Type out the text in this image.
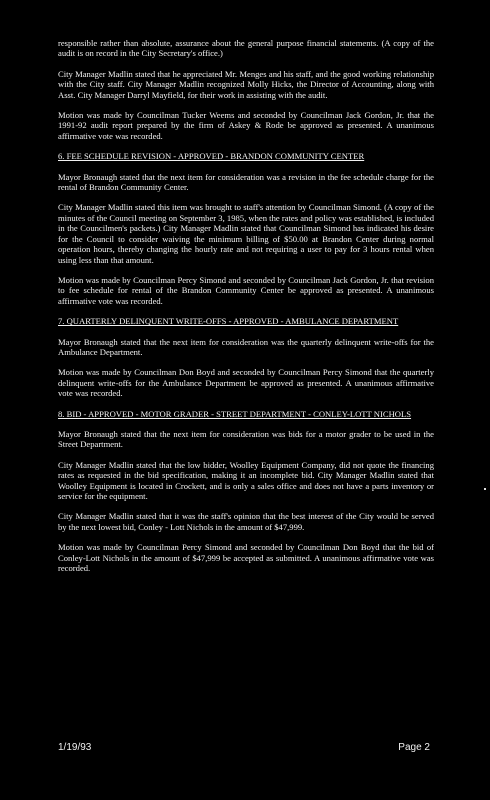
responsible rather than absolute, assurance about the general purpose financial statements. (A copy of the audit is on record in the City Secretary's office.)

City Manager Madlin stated that he appreciated Mr. Menges and his staff, and the good working relationship with the City staff. City Manager Madlin recognized Molly Hicks, the Director of Accounting, along with Asst. City Manager Darryl Mayfield, for their work in assisting with the audit.

Motion was made by Councilman Tucker Weems and seconded by Councilman Jack Gordon, Jr. that the 1991-92 audit report prepared by the firm of Askey & Rode be approved as presented. A unanimous affirmative vote was recorded.

6. FEE SCHEDULE REVISION - APPROVED - BRANDON COMMUNITY CENTER

Mayor Bronaugh stated that the next item for consideration was a revision in the fee schedule charge for the rental of Brandon Community Center.

City Manager Madlin stated this item was brought to staff's attention by Councilman Simond. (A copy of the minutes of the Council meeting on September 3, 1985, when the rates and policy was established, is included in the Councilmen's packets.) City Manager Madlin stated that Councilman Simond has indicated his desire for the Council to consider waiving the minimum billing of $50.00 at Brandon Center during normal operation hours, thereby changing the hourly rate and not requiring a user to pay for 3 hours rental when using less than that amount.

Motion was made by Councilman Percy Simond and seconded by Councilman Jack Gordon, Jr. that revision to fee schedule for rental of the Brandon Community Center be approved as presented. A unanimous affirmative vote was recorded.

7. QUARTERLY DELINQUENT WRITE-OFFS - APPROVED - AMBULANCE DEPARTMENT

Mayor Bronaugh stated that the next item for consideration was the quarterly delinquent write-offs for the Ambulance Department.

Motion was made by Councilman Don Boyd and seconded by Councilman Percy Simond that the quarterly delinquent write-offs for the Ambulance Department be approved as presented. A unanimous affirmative vote was recorded.

8. BID - APPROVED - MOTOR GRADER - STREET DEPARTMENT - CONLEY-LOTT NICHOLS

Mayor Bronaugh stated that the next item for consideration was bids for a motor grader to be used in the Street Department.

City Manager Madlin stated that the low bidder, Woolley Equipment Company, did not quote the financing rates as requested in the bid specification, making it an incomplete bid. City Manager Madlin stated that Woolley Equipment is located in Crockett, and is only a sales office and does not have a parts inventory or service for the equipment.

City Manager Madlin stated that it was the staff's opinion that the best interest of the City would be served by the next lowest bid, Conley - Lott Nichols in the amount of $47,999.

Motion was made by Councilman Percy Simond and seconded by Councilman Don Boyd that the bid of Conley-Lott Nichols in the amount of $47,999 be accepted as submitted. A unanimous affirmative vote was recorded.

1/19/93	Page 2
